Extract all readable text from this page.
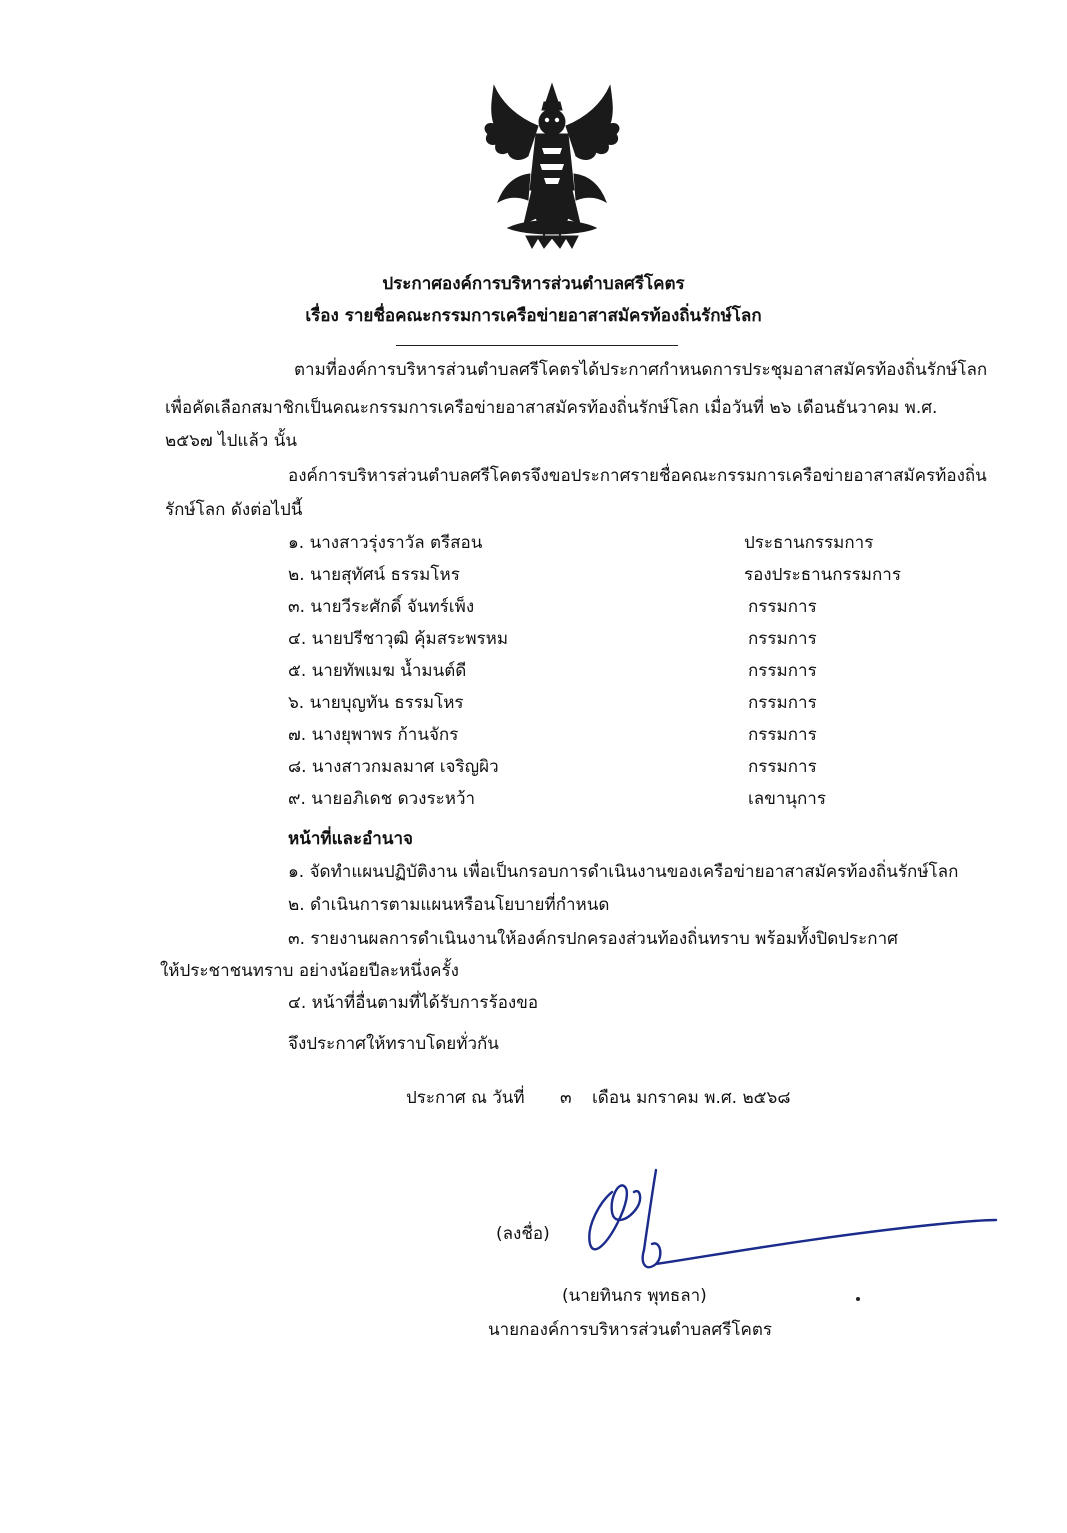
ประกาศองค์การบริหารส่วนตำบลศรีโคตร
เรื่อง รายชื่อคณะกรรมการเครือข่ายอาสาสมัครท้องถิ่นรักษ์โลก
ตามที่องค์การบริหารส่วนตำบลศรีโคตรได้ประกาศกำหนดการประชุมอาสาสมัครท้องถิ่นรักษ์โลก
เพื่อคัดเลือกสมาชิกเป็นคณะกรรมการเครือข่ายอาสาสมัครท้องถิ่นรักษ์โลก เมื่อวันที่ ๒๖ เดือนธันวาคม พ.ศ.
๒๕๖๗ ไปแล้ว นั้น
องค์การบริหารส่วนตำบลศรีโคตรจึงขอประกาศรายชื่อคณะกรรมการเครือข่ายอาสาสมัครท้องถิ่น
รักษ์โลก ดังต่อไปนี้
๑. นางสาวรุ่งราวัล ตรีสอน	ประธานกรรมการ
๒. นายสุทัศน์ ธรรมโหร	รองประธานกรรมการ
๓. นายวีระศักดิ์ จันทร์เพ็ง	กรรมการ
๔. นายปรีชาวุฒิ คุ้มสระพรหม	กรรมการ
๕. นายทัพเมฆ น้ำมนต์ดี	กรรมการ
๖. นายบุญทัน ธรรมโหร	กรรมการ
๗. นางยุพาพร ก้านจักร	กรรมการ
๘. นางสาวกมลมาศ เจริญผิว	กรรมการ
๙. นายอภิเดช ดวงระหว้า	เลขานุการ
หน้าที่และอำนาจ
๑. จัดทำแผนปฏิบัติงาน เพื่อเป็นกรอบการดำเนินงานของเครือข่ายอาสาสมัครท้องถิ่นรักษ์โลก
๒. ดำเนินการตามแผนหรือนโยบายที่กำหนด
๓. รายงานผลการดำเนินงานให้องค์กรปกครองส่วนท้องถิ่นทราบ พร้อมทั้งปิดประกาศ
ให้ประชาชนทราบ อย่างน้อยปีละหนึ่งครั้ง
๔. หน้าที่อื่นตามที่ได้รับการร้องขอ
จึงประกาศให้ทราบโดยทั่วกัน
ประกาศ ณ วันที่ ๓ เดือน มกราคม พ.ศ. ๒๕๖๘
(ลงชื่อ)
(นายทินกร พุทธลา)
นายกองค์การบริหารส่วนตำบลศรีโคตร
